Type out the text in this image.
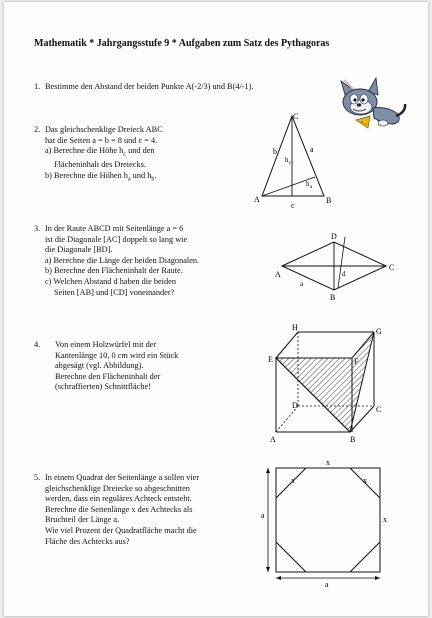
Mathematik * Jahrgangsstufe 9 * Aufgaben zum Satz des Pythagoras
1. Bestimme den Abstand der beiden Punkte A(-2/3) und B(4/-1).
2. Das gleichschenklige Dreieck ABC
hat die Seiten a = b = 8 und c = 4.
a) Berechne die Höhe $h_c$ und den
Flächeninhalt des Dreiecks.
b) Berechne die Höhen $h_a$ und $h_b$.
C
A	B
b	a
c
h c
h a
3. In der Raute ABCD mit Seitenlänge a = 6
ist die Diagonale [AC] doppelt so lang wie
die Diagonale [BD].
a) Berechne die Länge der beiden Diagonalen.
b) Berechne den Flächeninhalt der Raute.
c) Welchen Abstand d haben die beiden
Seiten [AB] und [CD] voneinander?
D
A
C
B
d
a
4. Von einem Holzwürfel mit der
Kantenlänge 10, 0 cm wird ein Stück
abgesägt (vgl. Abbildung).
Berechne den Flächeninhalt der
(schraffierten) Schnittfläche!
H	G
E	F
D	C
A	B
5. In einem Quadrat der Seitenlänge a sollen vier
gleichschenklige Dreiecke so abgeschnitten
werden, dass ein reguläres Achteck entsteht.
Berechne die Seitenlänge x des Achtecks als
Bruchteil der Länge a.
Wie viel Prozent der Quadratfläche macht die
Fläche des Achtecks aus?
x
x	x
x
a
a
